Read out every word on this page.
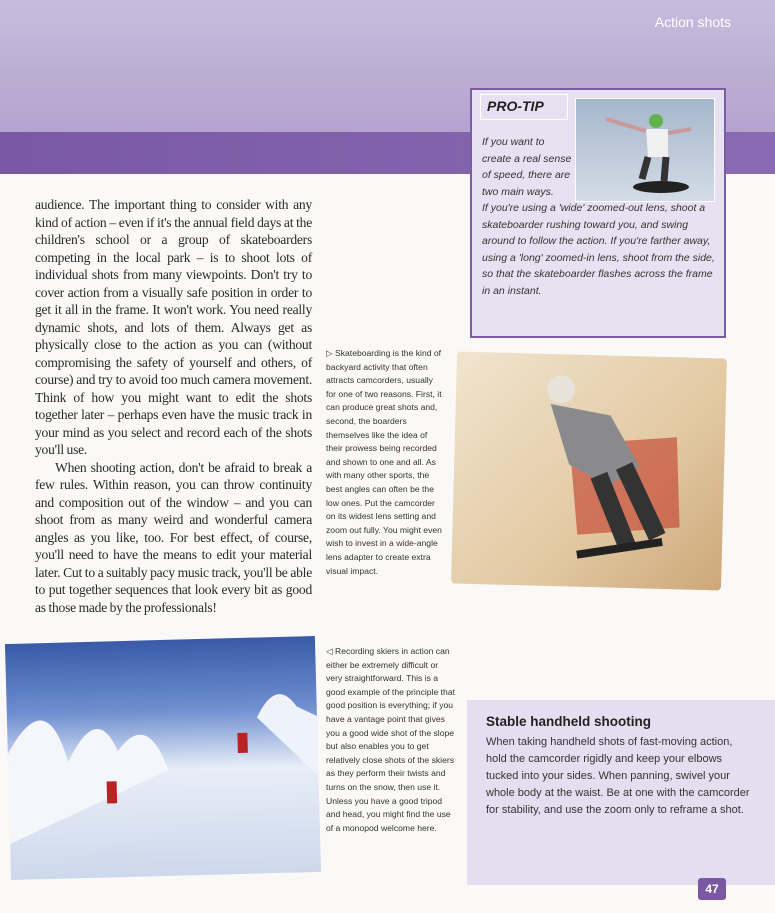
Action shots
PRO-TIP
If you want to create a real sense of speed, there are two main ways.
If you're using a 'wide' zoomed-out lens, shoot a skateboarder rushing toward you, and swing around to follow the action. If you're farther away, using a 'long' zoomed-in lens, shoot from the side, so that the skateboarder flashes across the frame in an instant.

audience. The important thing to consider with any kind of action – even if it's the annual field days at the children's school or a group of skateboarders competing in the local park – is to shoot lots of individual shots from many viewpoints. Don't try to cover action from a visually safe position in order to get it all in the frame. It won't work. You need really dynamic shots, and lots of them. Always get as physically close to the action as you can (without compromising the safety of yourself and others, of course) and try to avoid too much camera movement. Think of how you might want to edit the shots together later – perhaps even have the music track in your mind as you select and record each of the shots you'll use.

When shooting action, don't be afraid to break a few rules. Within reason, you can throw continuity and composition out of the window – and you can shoot from as many weird and wonderful camera angles as you like, too. For best effect, of course, you'll need to have the means to edit your material later. Cut to a suitably pacy music track, you'll be able to put together sequences that look every bit as good as those made by the professionals!

▷ Skateboarding is the kind of backyard activity that often attracts camcorders, usually for one of two reasons. First, it can produce great shots and, second, the boarders themselves like the idea of their prowess being recorded and shown to one and all. As with many other sports, the best angles can often be the low ones. Put the camcorder on its widest lens setting and zoom out fully. You might even wish to invest in a wide-angle lens adapter to create extra visual impact.
◁ Recording skiers in action can either be extremely difficult or very straightforward. This is a good example of the principle that good position is everything; if you have a vantage point that gives you a good wide shot of the slope but also enables you to get relatively close shots of the skiers as they perform their twists and turns on the snow, then use it. Unless you have a good tripod and head, you might find the use of a monopod welcome here.
Stable handheld shooting
When taking handheld shots of fast-moving action, hold the camcorder rigidly and keep your elbows tucked into your sides. When panning, swivel your whole body at the waist. Be at one with the camcorder for stability, and use the zoom only to reframe a shot.
47
